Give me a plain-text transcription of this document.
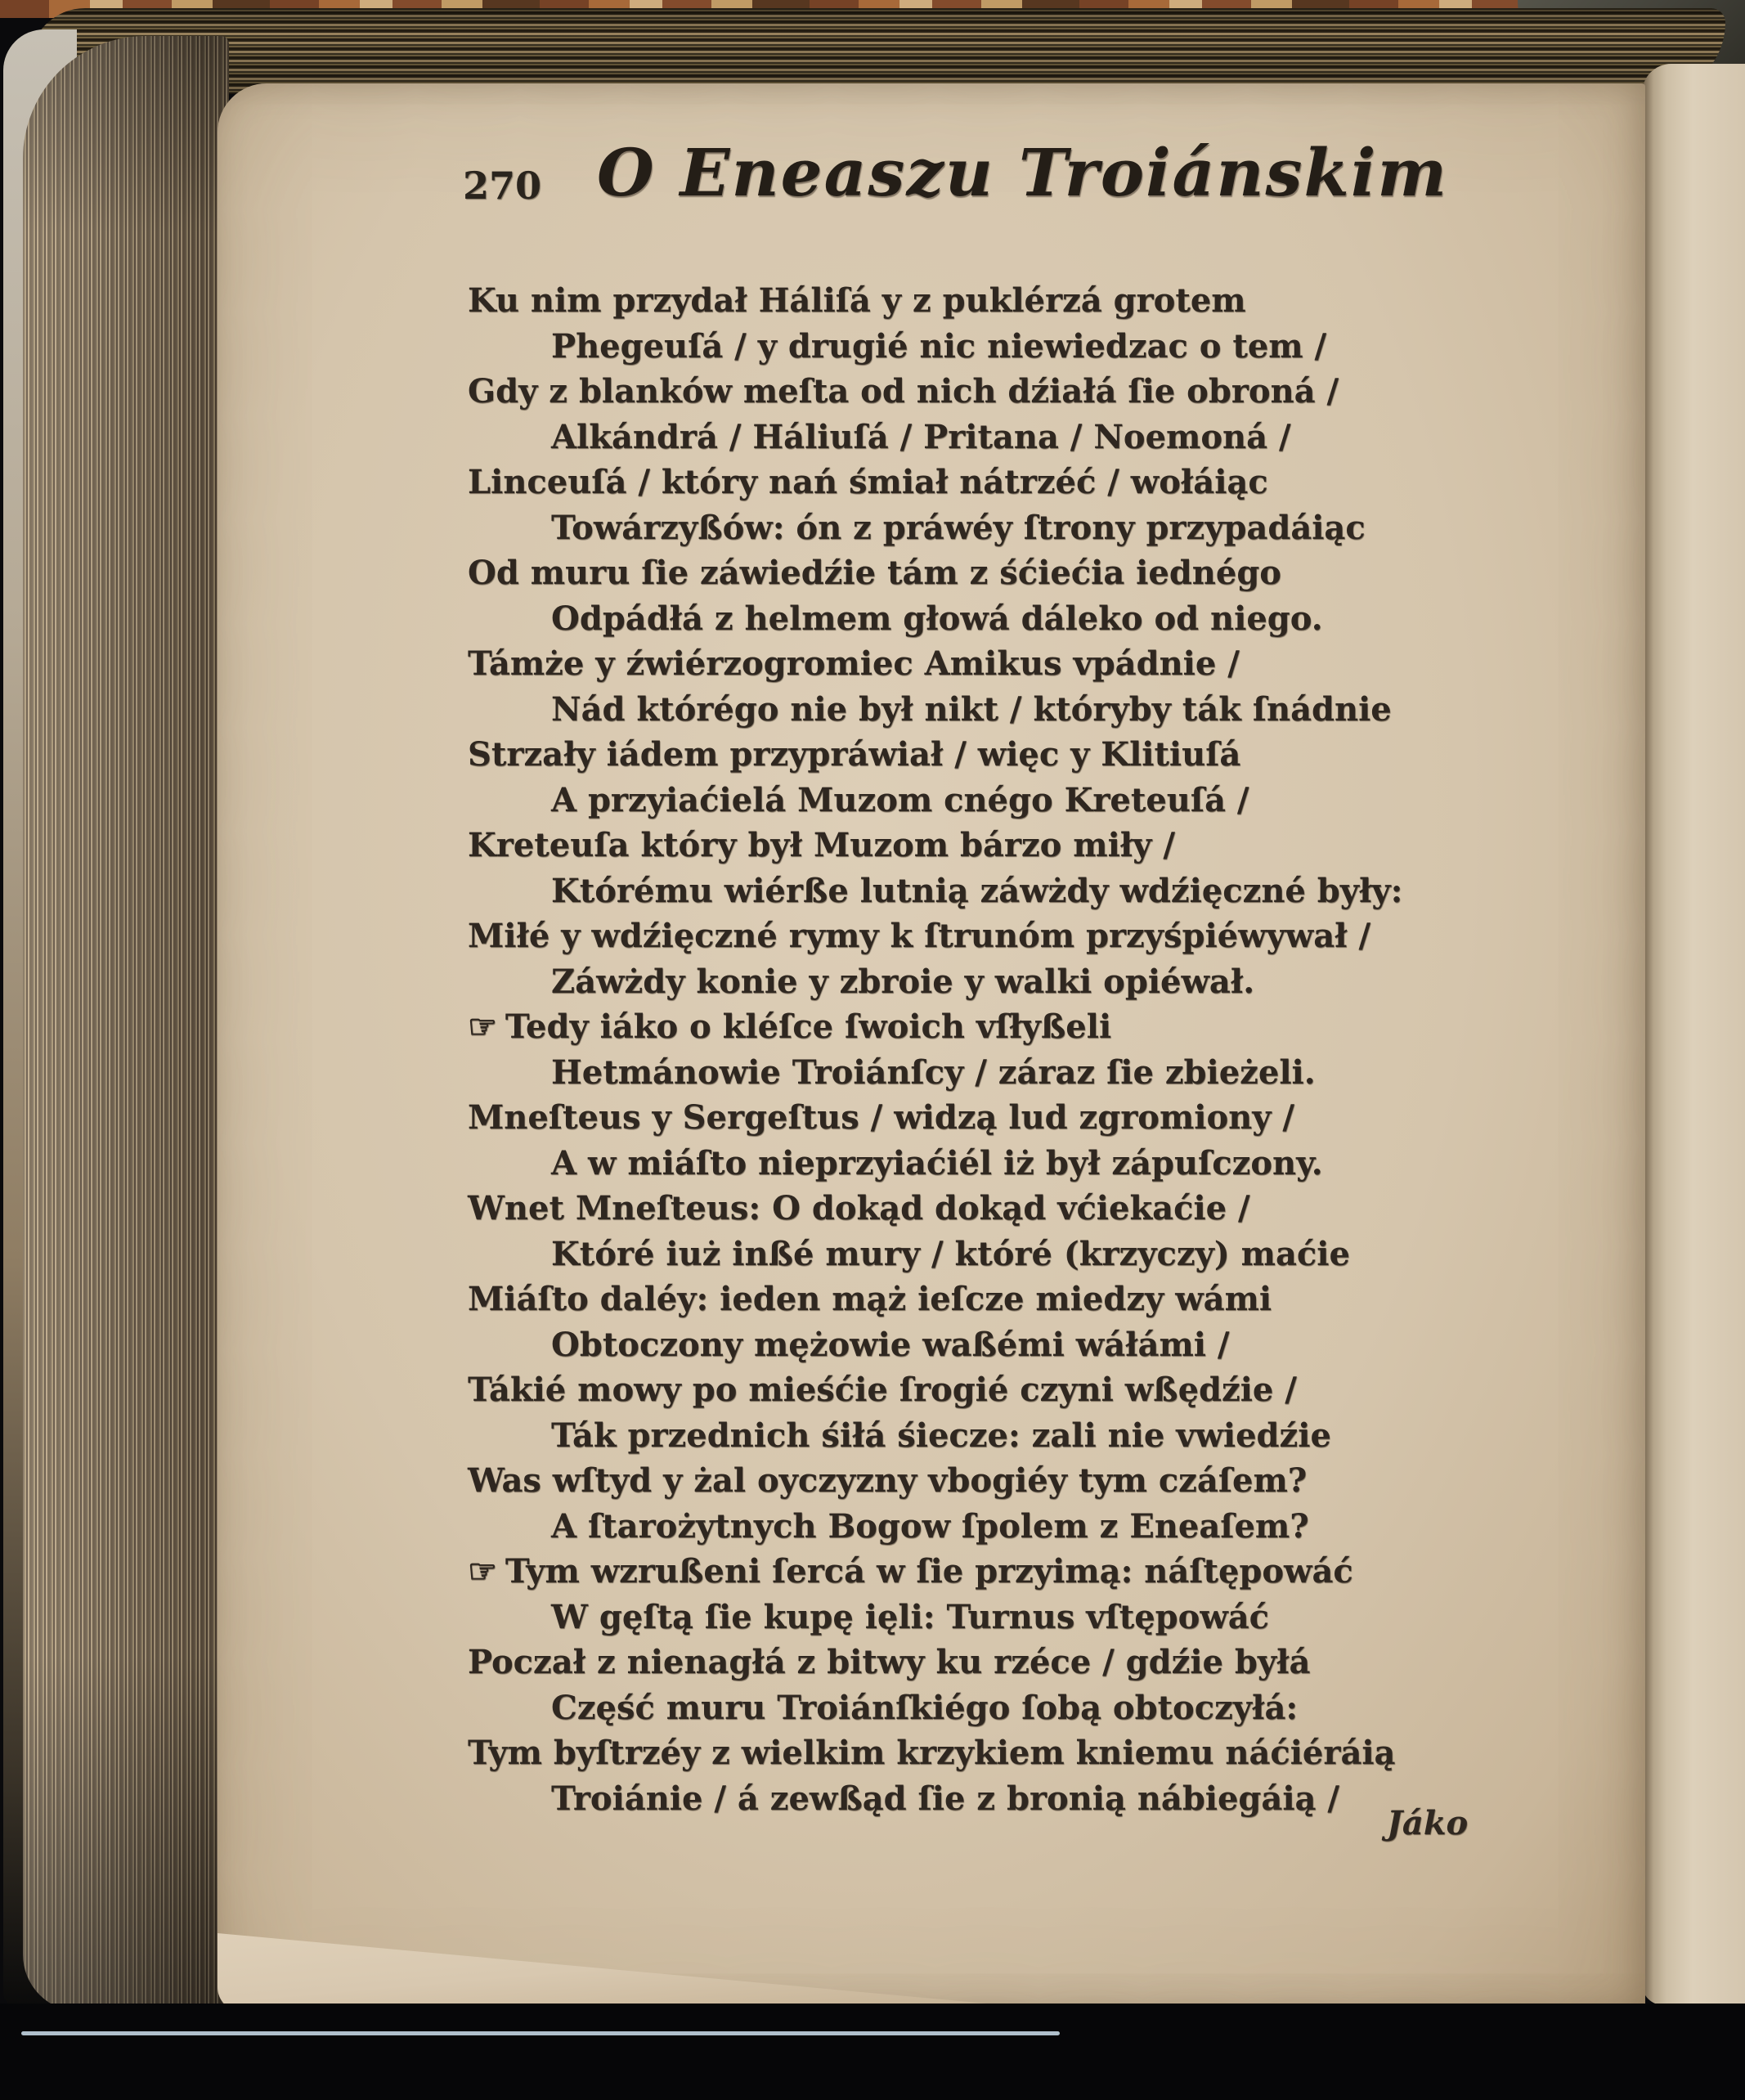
270 O Eneaszu Troiánskim
Ku nim przydał Háliſá y z puklérzá grotem
Phegeuſá / y drugié nic niewiedzac o tem /
Gdy z blanków meſta od nich dźiałá ſie obroná /
Alkándrá / Háliuſá / Pritana / Noemoná /
Linceuſá / który nań śmiał nátrzéć / wołáiąc
Towárzyßów: ón z práwéy ſtrony przypadáiąc
Od muru ſie záwiedźie tám z śćiećia iednégo
Odpádłá z helmem głowá dáleko od niego.
Támże y źwiérzogromiec Amikus vpádnie /
Nád którégo nie był nikt / któryby ták ſnádnie
Strzały iádem przypráwiał / więc y Klitiuſá
A przyiaćielá Muzom cnégo Kreteuſá /
Kreteuſa który był Muzom bárzo miły /
Którému wiérße lutnią záwżdy wdźięczné były:
Miłé y wdźięczné rymy k ſtrunóm przyśpiéwywał /
Záwżdy konie y zbroie y walki opiéwał.
☞ Tedy iáko o kléſce ſwoich vſłyßeli
Hetmánowie Troiánſcy / záraz ſie zbieżeli.
Mneſteus y Sergeſtus / widzą lud zgromiony /
A w miáſto nieprzyiaćiél iż był zápuſczony.
Wnet Mneſteus: O dokąd dokąd vćiekaćie /
Któré iuż inßé mury / któré (krzyczy) maćie
Miáſto daléy: ieden mąż ieſcze miedzy wámi
Obtoczony mężowie waßémi wáłámi /
Tákié mowy po mieśćie ſrogié czyni wßędźie /
Ták przednich śiłá śiecze: zali nie vwiedźie
Was wſtyd y żal oyczyzny vbogiéy tym czáſem?
A ſtarożytnych Bogow ſpolem z Eneaſem?
☞ Tym wzrußeni ſercá w ſie przyimą: náſtępowáć
W gęſtą ſie kupę ięli: Turnus vſtępowáć
Poczał z nienagłá z bitwy ku rzéce / gdźie byłá
Część muru Troiánſkiégo ſobą obtoczyłá:
Tym byſtrzéy z wielkim krzykiem kniemu náćiéráią
Troiánie / á zewßąd ſie z bronią nábiegáią /
Jáko
